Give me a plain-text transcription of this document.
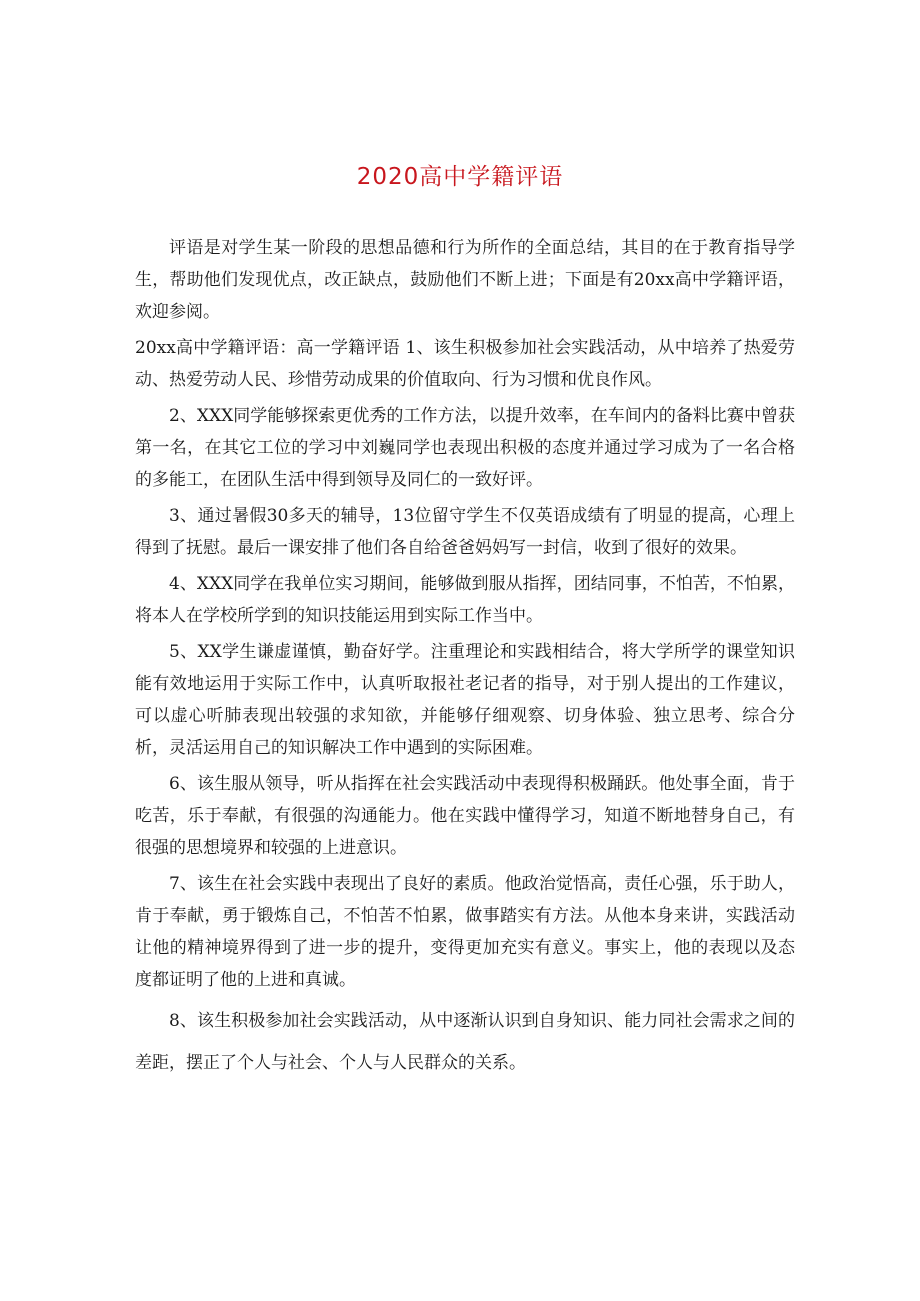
2020高中学籍评语

评语是对学生某一阶段的思想品德和行为所作的全面总结，其目的在于教育指导学生，帮助他们发现优点，改正缺点，鼓励他们不断上进；下面是有20xx高中学籍评语，欢迎参阅。

20xx高中学籍评语：高一学籍评语 1、该生积极参加社会实践活动，从中培养了热爱劳动、热爱劳动人民、珍惜劳动成果的价值取向、行为习惯和优良作风。

2、XXX同学能够探索更优秀的工作方法，以提升效率，在车间内的备料比赛中曾获第一名，在其它工位的学习中刘巍同学也表现出积极的态度并通过学习成为了一名合格的多能工，在团队生活中得到领导及同仁的一致好评。

3、通过暑假30多天的辅导，13位留守学生不仅英语成绩有了明显的提高，心理上得到了抚慰。最后一课安排了他们各自给爸爸妈妈写一封信，收到了很好的效果。

4、XXX同学在我单位实习期间，能够做到服从指挥，团结同事，不怕苦，不怕累，将本人在学校所学到的知识技能运用到实际工作当中。

5、XX学生谦虚谨慎，勤奋好学。注重理论和实践相结合，将大学所学的课堂知识能有效地运用于实际工作中，认真听取报社老记者的指导，对于别人提出的工作建议，可以虚心听肺表现出较强的求知欲，并能够仔细观察、切身体验、独立思考、综合分析，灵活运用自己的知识解决工作中遇到的实际困难。

6、该生服从领导，听从指挥在社会实践活动中表现得积极踊跃。他处事全面，肯于吃苦，乐于奉献，有很强的沟通能力。他在实践中懂得学习，知道不断地替身自己，有很强的思想境界和较强的上进意识。

7、该生在社会实践中表现出了良好的素质。他政治觉悟高，责任心强，乐于助人，肯于奉献，勇于锻炼自己，不怕苦不怕累，做事踏实有方法。从他本身来讲，实践活动让他的精神境界得到了进一步的提升，变得更加充实有意义。事实上，他的表现以及态度都证明了他的上进和真诚。

8、该生积极参加社会实践活动，从中逐渐认识到自身知识、能力同社会需求之间的差距，摆正了个人与社会、个人与人民群众的关系。
